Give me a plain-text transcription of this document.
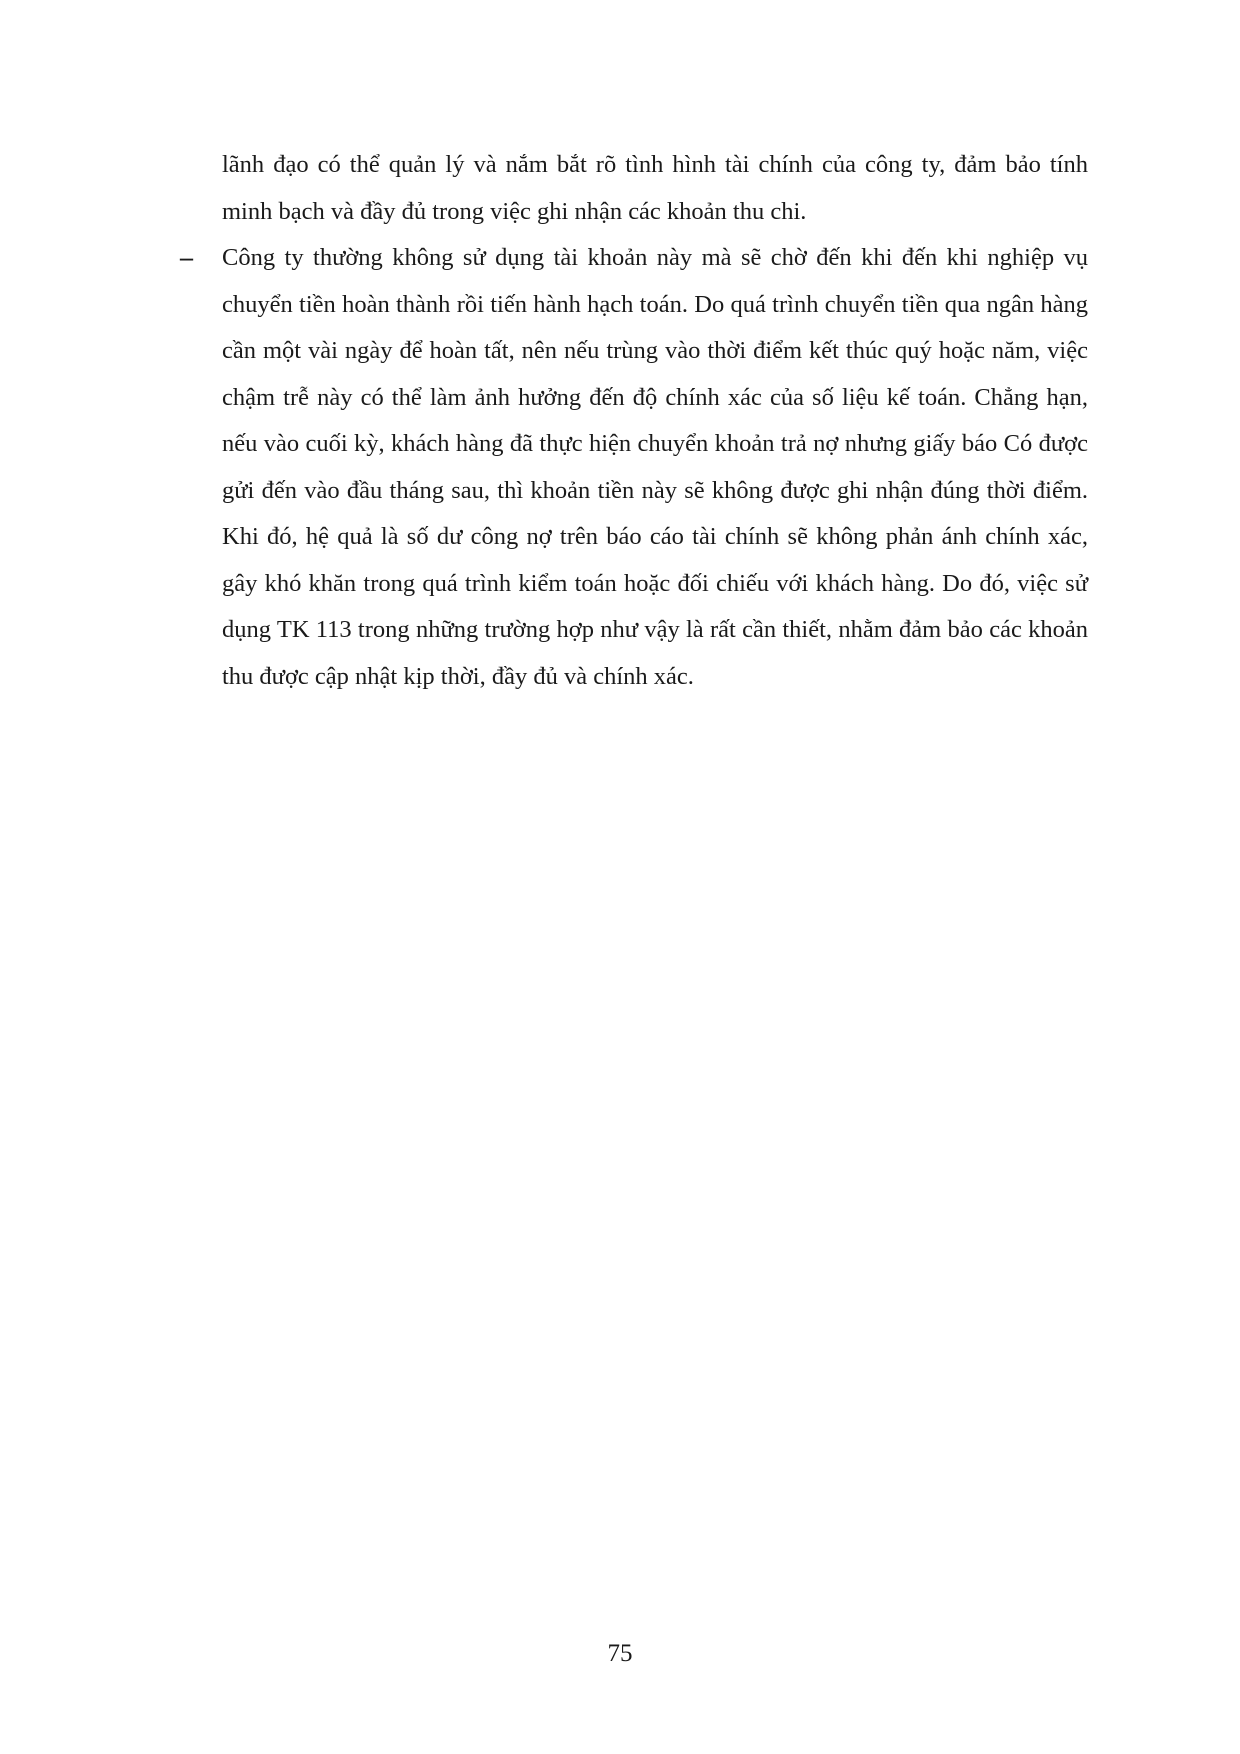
lãnh đạo có thể quản lý và nắm bắt rõ tình hình tài chính của công ty, đảm bảo tính minh bạch và đầy đủ trong việc ghi nhận các khoản thu chi.

– Công ty thường không sử dụng tài khoản này mà sẽ chờ đến khi đến khi nghiệp vụ chuyển tiền hoàn thành rồi tiến hành hạch toán. Do quá trình chuyển tiền qua ngân hàng cần một vài ngày để hoàn tất, nên nếu trùng vào thời điểm kết thúc quý hoặc năm, việc chậm trễ này có thể làm ảnh hưởng đến độ chính xác của số liệu kế toán. Chẳng hạn, nếu vào cuối kỳ, khách hàng đã thực hiện chuyển khoản trả nợ nhưng giấy báo Có được gửi đến vào đầu tháng sau, thì khoản tiền này sẽ không được ghi nhận đúng thời điểm. Khi đó, hệ quả là số dư công nợ trên báo cáo tài chính sẽ không phản ánh chính xác, gây khó khăn trong quá trình kiểm toán hoặc đối chiếu với khách hàng. Do đó, việc sử dụng TK 113 trong những trường hợp như vậy là rất cần thiết, nhằm đảm bảo các khoản thu được cập nhật kịp thời, đầy đủ và chính xác.
75
